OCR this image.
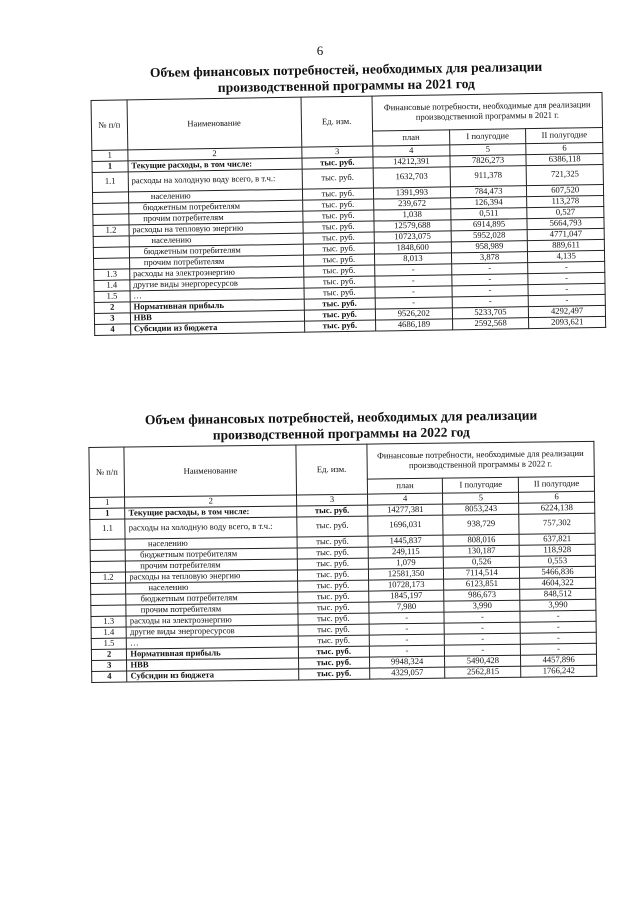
6
Объем финансовых потребностей, необходимых для реализации
производственной программы на 2021 год
№ п/п	Наименование	Ед. изм.	Финансовые потребности, необходимые для реализации производственной программы в 2021 г.		
			план	I полугодие	II полугодие
1	2	3	4	5	6
1	Текущие расходы, в том числе:	тыс. руб.	14212,391	7826,273	6386,118
1.1	расходы на холодную воду всего, в т.ч.:	тыс. руб.	1632,703	911,378	721,325
	населению	тыс. руб.	1391,993	784,473	607,520
	бюджетным потребителям	тыс. руб.	239,672	126,394	113,278
	прочим потребителям	тыс. руб.	1,038	0,511	0,527
1.2	расходы на тепловую энергию	тыс. руб.	12579,688	6914,895	5664,793
	населению	тыс. руб.	10723,075	5952,028	4771,047
	бюджетным потребителям	тыс. руб.	1848,600	958,989	889,611
	прочим потребителям	тыс. руб.	8,013	3,878	4,135
1.3	расходы на электроэнергию	тыс. руб.	-	-	-
1.4	другие виды энергоресурсов	тыс. руб.	-	-	-
1.5	…	тыс. руб.	-	-	-
2	Нормативная прибыль	тыс. руб.	-	-	-
3	НВВ	тыс. руб.	9526,202	5233,705	4292,497
4	Субсидии из бюджета	тыс. руб.	4686,189	2592,568	2093,621
Объем финансовых потребностей, необходимых для реализации
производственной программы на 2022 год
№ п/п	Наименование	Ед. изм.	Финансовые потребности, необходимые для реализации производственной программы в 2022 г.		
			план	I полугодие	II полугодие
1	2	3	4	5	6
1	Текущие расходы, в том числе:	тыс. руб.	14277,381	8053,243	6224,138
1.1	расходы на холодную воду всего, в т.ч.:	тыс. руб.	1696,031	938,729	757,302
	населению	тыс. руб.	1445,837	808,016	637,821
	бюджетным потребителям	тыс. руб.	249,115	130,187	118,928
	прочим потребителям	тыс. руб.	1,079	0,526	0,553
1.2	расходы на тепловую энергию	тыс. руб.	12581,350	7114,514	5466,836
	населению	тыс. руб.	10728,173	6123,851	4604,322
	бюджетным потребителям	тыс. руб.	1845,197	986,673	848,512
	прочим потребителям	тыс. руб.	7,980	3,990	3,990
1.3	расходы на электроэнергию	тыс. руб.	-	-	-
1.4	другие виды энергоресурсов	тыс. руб.	-	-	-
1.5	…	тыс. руб.	-	-	-
2	Нормативная прибыль	тыс. руб.	-	-	-
3	НВВ	тыс. руб.	9948,324	5490,428	4457,896
4	Субсидии из бюджета	тыс. руб.	4329,057	2562,815	1766,242
